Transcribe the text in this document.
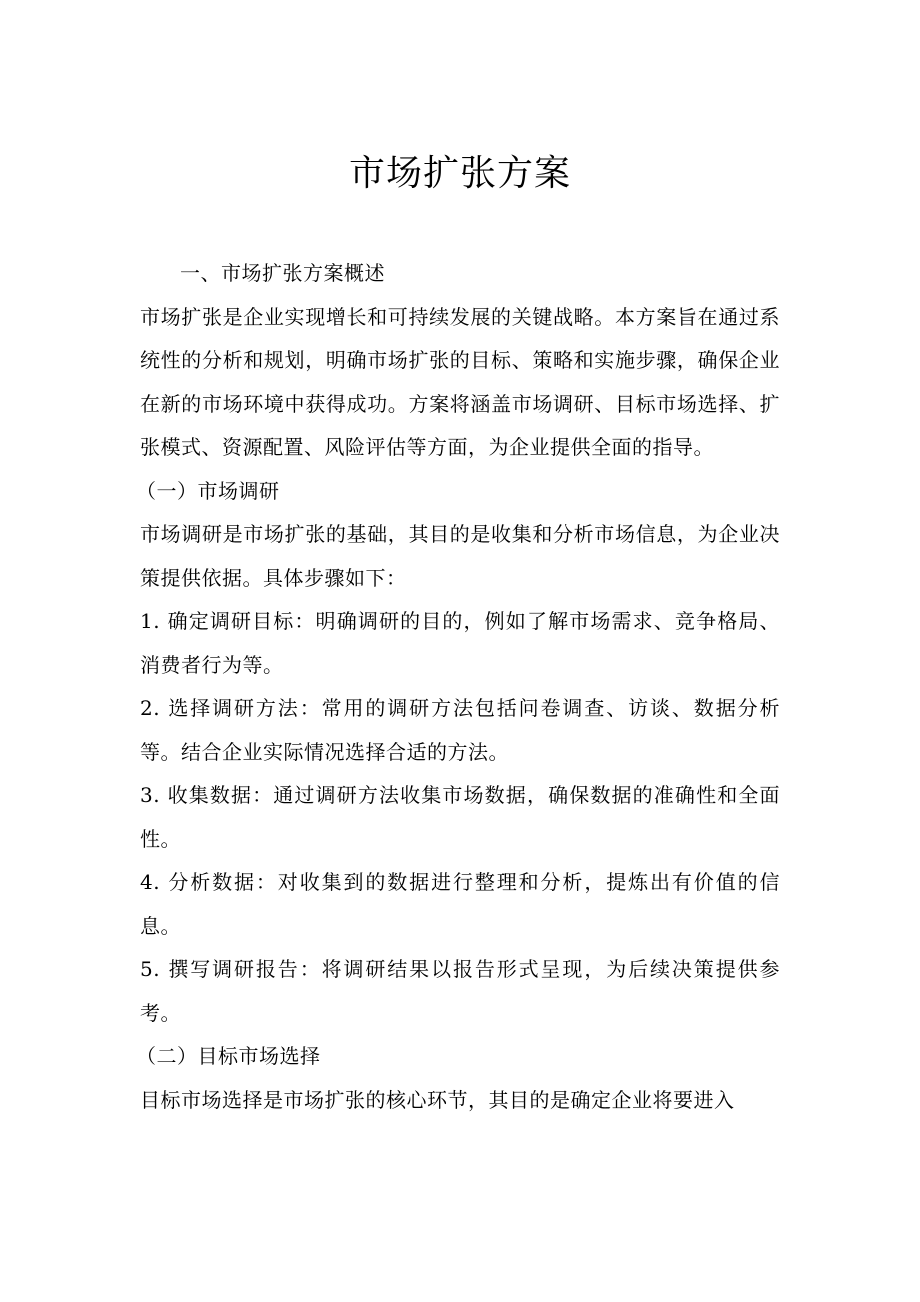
市场扩张方案

一、市场扩张方案概述

市场扩张是企业实现增长和可持续发展的关键战略。本方案旨在通过系统性的分析和规划，明确市场扩张的目标、策略和实施步骤，确保企业在新的市场环境中获得成功。方案将涵盖市场调研、目标市场选择、扩张模式、资源配置、风险评估等方面，为企业提供全面的指导。

（一）市场调研

市场调研是市场扩张的基础，其目的是收集和分析市场信息，为企业决策提供依据。具体步骤如下：

1. 确定调研目标：明确调研的目的，例如了解市场需求、竞争格局、消费者行为等。

2. 选择调研方法：常用的调研方法包括问卷调查、访谈、数据分析等。结合企业实际情况选择合适的方法。

3. 收集数据：通过调研方法收集市场数据，确保数据的准确性和全面性。

4. 分析数据：对收集到的数据进行整理和分析，提炼出有价值的信息。

5. 撰写调研报告：将调研结果以报告形式呈现，为后续决策提供参考。

（二）目标市场选择

目标市场选择是市场扩张的核心环节，其目的是确定企业将要进入
